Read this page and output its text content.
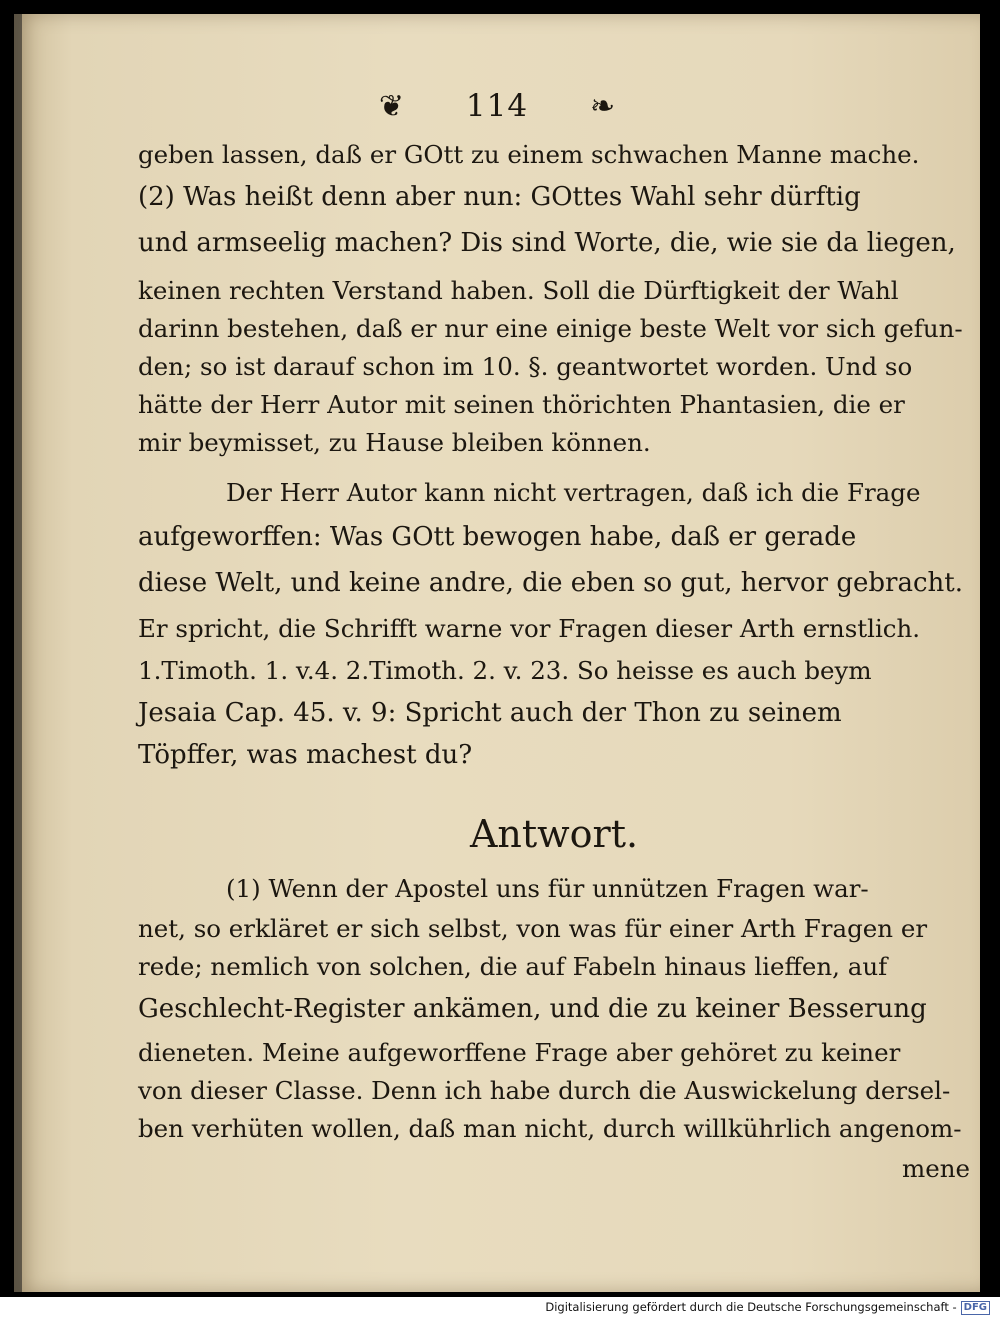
❦ 114 ❧
geben lassen, daß er GOtt zu einem schwachen Manne mache.
(2) Was heißt denn aber nun: GOttes Wahl sehr dürftig
und armseelig machen? Dis sind Worte, die, wie sie da liegen,
keinen rechten Verstand haben. Soll die Dürftigkeit der Wahl
darinn bestehen, daß er nur eine einige beste Welt vor sich gefun-
den; so ist darauf schon im 10. §. geantwortet worden. Und so
hätte der Herr Autor mit seinen thörichten Phantasien, die er
mir beymisset, zu Hause bleiben können.
Der Herr Autor kann nicht vertragen, daß ich die Frage
aufgeworffen: Was GOtt bewogen habe, daß er gerade
diese Welt, und keine andre, die eben so gut, hervor gebracht.
Er spricht, die Schrifft warne vor Fragen dieser Arth ernstlich.
1.Timoth. 1. v.4. 2.Timoth. 2. v. 23. So heisse es auch beym
Jesaia Cap. 45. v. 9: Spricht auch der Thon zu seinem
Töpffer, was machest du?
Antwort.
(1) Wenn der Apostel uns für unnützen Fragen war-
net, so erkläret er sich selbst, von was für einer Arth Fragen er
rede; nemlich von solchen, die auf Fabeln hinaus lieffen, auf
Geschlecht-Register ankämen, und die zu keiner Besserung
dieneten. Meine aufgeworffene Frage aber gehöret zu keiner
von dieser Classe. Denn ich habe durch die Auswickelung dersel-
ben verhüten wollen, daß man nicht, durch willkührlich angenom-
mene
Digitalisierung gefördert durch die Deutsche Forschungsgemeinschaft - DFG
